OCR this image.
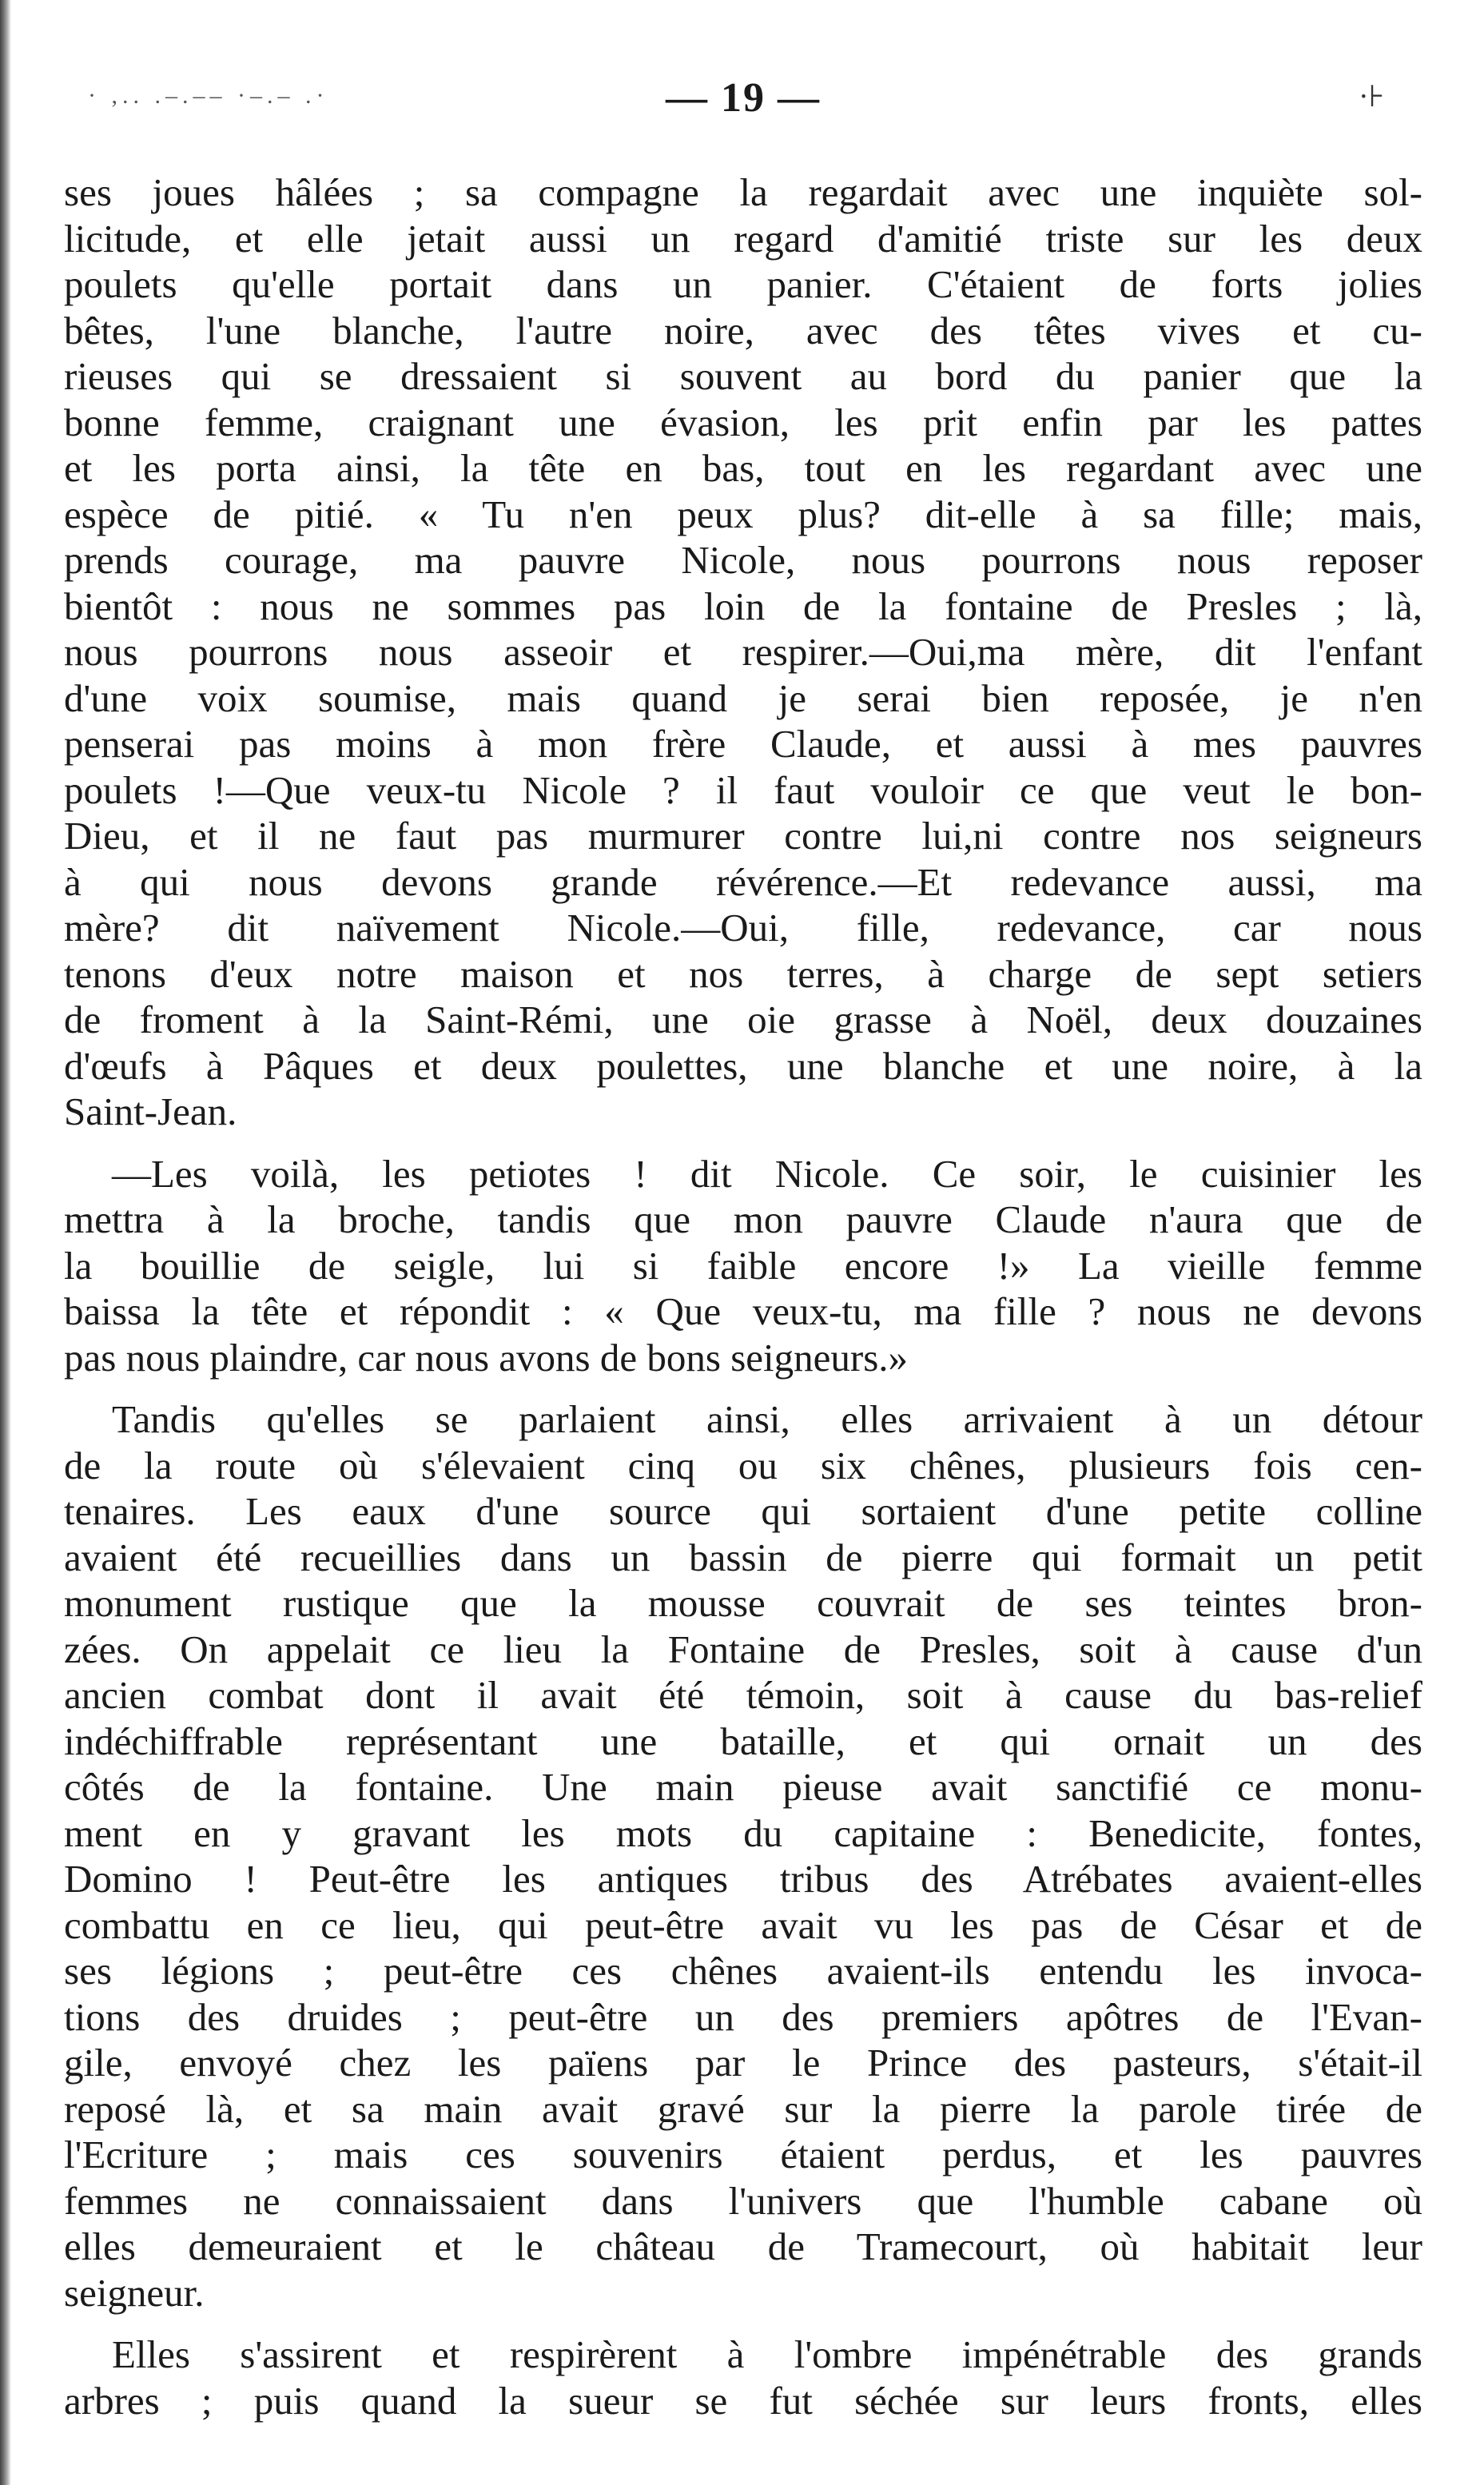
· ,.. .–.–– ·–.– .·	— 19 —	·⊦
ses joues hâlées ; sa compagne la regardait avec une inquiète sol-
licitude, et elle jetait aussi un regard d'amitié triste sur les deux
poulets qu'elle portait dans un panier. C'étaient de forts jolies
bêtes, l'une blanche, l'autre noire, avec des têtes vives et cu-
rieuses qui se dressaient si souvent au bord du panier que la
bonne femme, craignant une évasion, les prit enfin par les pattes
et les porta ainsi, la tête en bas, tout en les regardant avec une
espèce de pitié. « Tu n'en peux plus? dit-elle à sa fille; mais,
prends courage, ma pauvre Nicole, nous pourrons nous reposer
bientôt : nous ne sommes pas loin de la fontaine de Presles ; là,
nous pourrons nous asseoir et respirer.—Oui,ma mère, dit l'enfant
d'une voix soumise, mais quand je serai bien reposée, je n'en
penserai pas moins à mon frère Claude, et aussi à mes pauvres
poulets !—Que veux-tu Nicole ? il faut vouloir ce que veut le bon-
Dieu, et il ne faut pas murmurer contre lui,ni contre nos seigneurs
à qui nous devons grande révérence.—Et redevance aussi, ma
mère? dit naïvement Nicole.—Oui, fille, redevance, car nous
tenons d'eux notre maison et nos terres, à charge de sept setiers
de froment à la Saint-Rémi, une oie grasse à Noël, deux douzaines
d'œufs à Pâques et deux poulettes, une blanche et une noire, à la
Saint-Jean.
—Les voilà, les petiotes ! dit Nicole. Ce soir, le cuisinier les
mettra à la broche, tandis que mon pauvre Claude n'aura que de
la bouillie de seigle, lui si faible encore !» La vieille femme
baissa la tête et répondit : « Que veux-tu, ma fille ? nous ne devons
pas nous plaindre, car nous avons de bons seigneurs.»
Tandis qu'elles se parlaient ainsi, elles arrivaient à un détour
de la route où s'élevaient cinq ou six chênes, plusieurs fois cen-
tenaires. Les eaux d'une source qui sortaient d'une petite colline
avaient été recueillies dans un bassin de pierre qui formait un petit
monument rustique que la mousse couvrait de ses teintes bron-
zées. On appelait ce lieu la Fontaine de Presles, soit à cause d'un
ancien combat dont il avait été témoin, soit à cause du bas-relief
indéchiffrable représentant une bataille, et qui ornait un des
côtés de la fontaine. Une main pieuse avait sanctifié ce monu-
ment en y gravant les mots du capitaine : Benedicite, fontes,
Domino ! Peut-être les antiques tribus des Atrébates avaient-elles
combattu en ce lieu, qui peut-être avait vu les pas de César et de
ses légions ; peut-être ces chênes avaient-ils entendu les invoca-
tions des druides ; peut-être un des premiers apôtres de l'Evan-
gile, envoyé chez les païens par le Prince des pasteurs, s'était-il
reposé là, et sa main avait gravé sur la pierre la parole tirée de
l'Ecriture ; mais ces souvenirs étaient perdus, et les pauvres
femmes ne connaissaient dans l'univers que l'humble cabane où
elles demeuraient et le château de Tramecourt, où habitait leur
seigneur.
Elles s'assirent et respirèrent à l'ombre impénétrable des grands
arbres ; puis quand la sueur se fut séchée sur leurs fronts, elles
